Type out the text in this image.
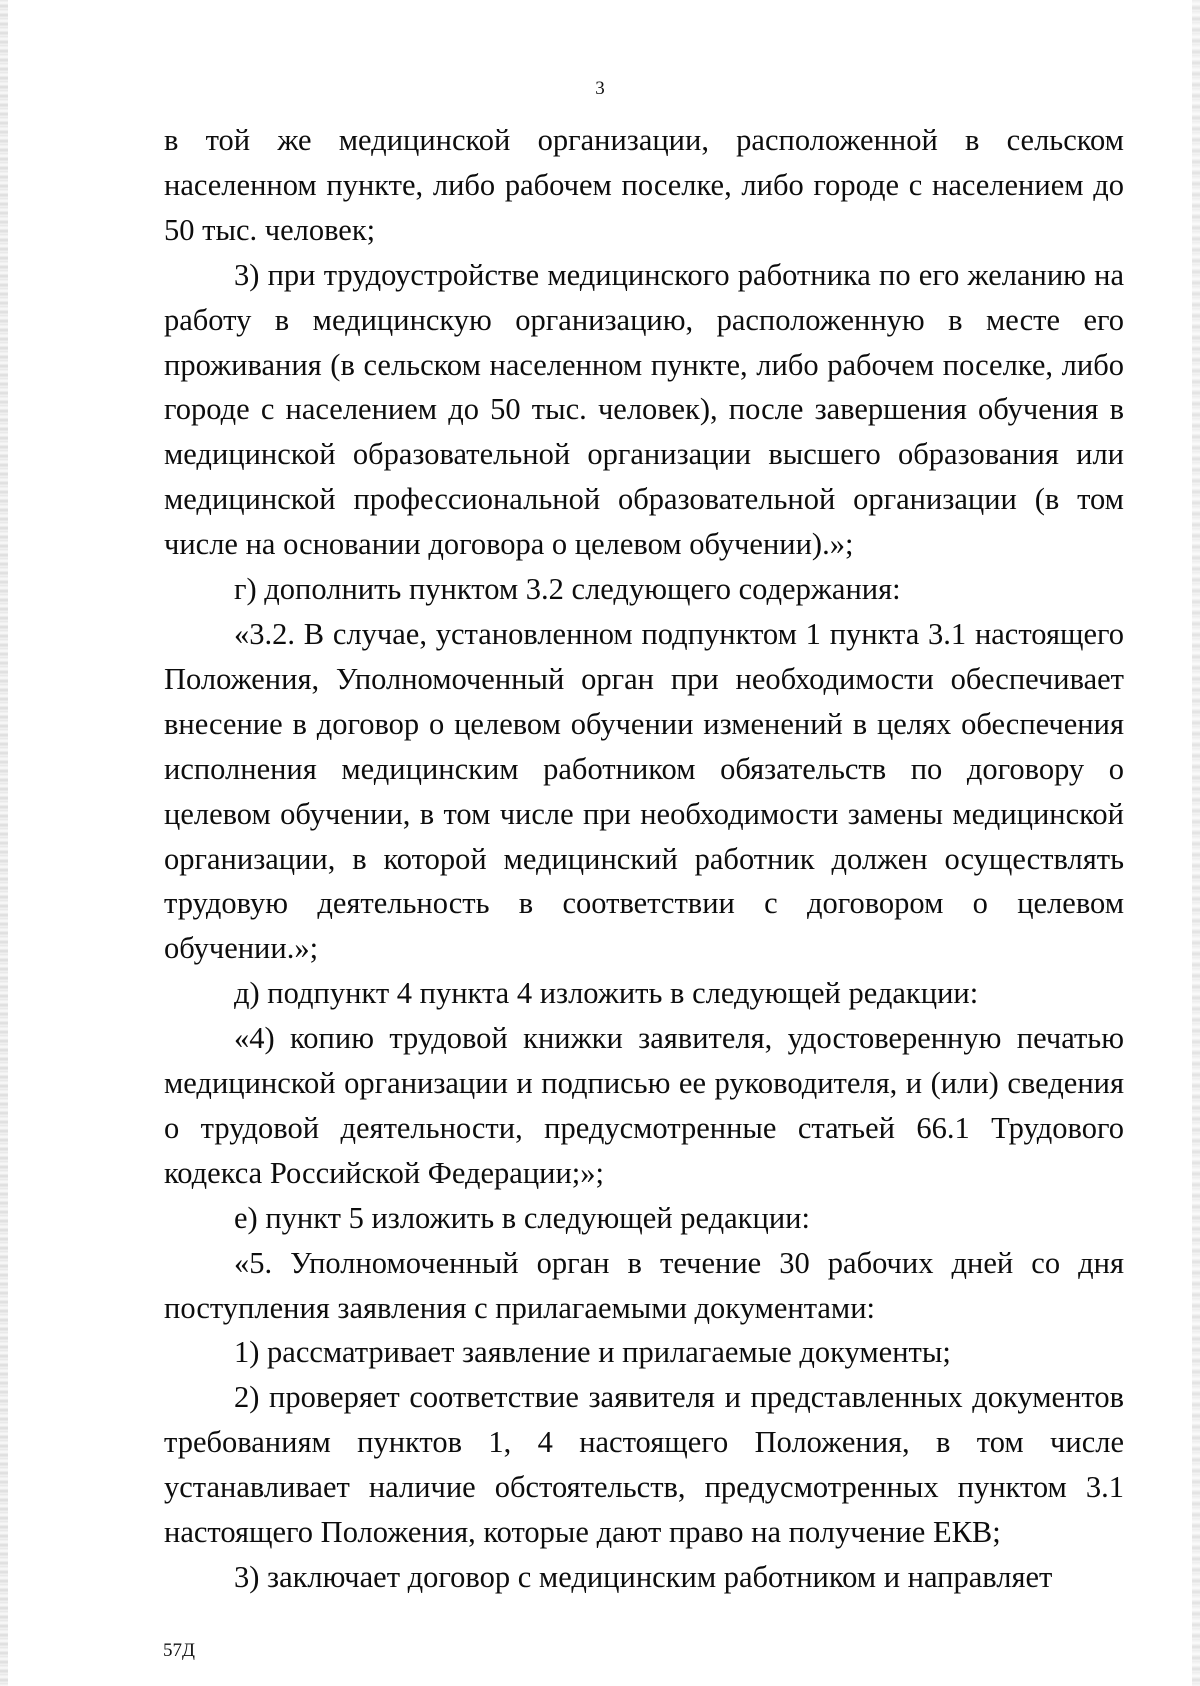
3

в той же медицинской организации, расположенной в сельском населенном пункте, либо рабочем поселке, либо городе с населением до 50 тыс. человек;

3) при трудоустройстве медицинского работника по его желанию на работу в медицинскую организацию, расположенную в месте его проживания (в сельском населенном пункте, либо рабочем поселке, либо городе с населением до 50 тыс. человек), после завершения обучения в медицинской образовательной организации высшего образования или медицинской профессиональной образовательной организации (в том числе на основании договора о целевом обучении).»;

г) дополнить пунктом 3.2 следующего содержания:

«3.2. В случае, установленном подпунктом 1 пункта 3.1 настоящего Положения, Уполномоченный орган при необходимости обеспечивает внесение в договор о целевом обучении изменений в целях обеспечения исполнения медицинским работником обязательств по договору о целевом обучении, в том числе при необходимости замены медицинской организации, в которой медицинский работник должен осуществлять трудовую деятельность в соответствии с договором о целевом обучении.»;

д) подпункт 4 пункта 4 изложить в следующей редакции:

«4) копию трудовой книжки заявителя, удостоверенную печатью медицинской организации и подписью ее руководителя, и (или) сведения о трудовой деятельности, предусмотренные статьей 66.1 Трудового кодекса Российской Федерации;»;

е) пункт 5 изложить в следующей редакции:

«5. Уполномоченный орган в течение 30 рабочих дней со дня поступления заявления с прилагаемыми документами:

1) рассматривает заявление и прилагаемые документы;

2) проверяет соответствие заявителя и представленных документов требованиям пунктов 1, 4 настоящего Положения, в том числе устанавливает наличие обстоятельств, предусмотренных пунктом 3.1 настоящего Положения, которые дают право на получение ЕКВ;

3) заключает договор с медицинским работником и направляет

57Д
